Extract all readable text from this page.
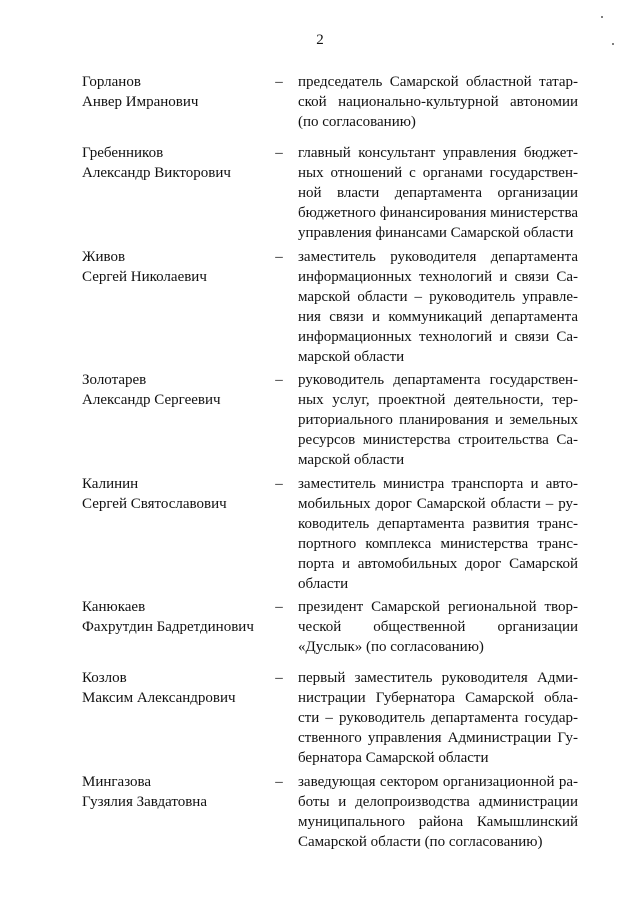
2
Горланов
Анвер Имранович
– председатель Самарской областной татар-
ской национально-культурной автономии
(по согласованию)
Гребенников
Александр Викторович
– главный консультант управления бюджет-
ных отношений с органами государствен-
ной власти департамента организации
бюджетного финансирования министерства
управления финансами Самарской области
Живов
Сергей Николаевич
– заместитель руководителя департамента
информационных технологий и связи Са-
марской области – руководитель управле-
ния связи и коммуникаций департамента
информационных технологий и связи Са-
марской области
Золотарев
Александр Сергеевич
– руководитель департамента государствен-
ных услуг, проектной деятельности, тер-
риториального планирования и земельных
ресурсов министерства строительства Са-
марской области
Калинин
Сергей Святославович
– заместитель министра транспорта и авто-
мобильных дорог Самарской области – ру-
ководитель департамента развития транс-
портного комплекса министерства транс-
порта и автомобильных дорог Самарской
области
Канюкаев
Фахрутдин Бадретдинович
– президент Самарской региональной твор-
ческой общественной организации
«Дуслык» (по согласованию)
Козлов
Максим Александрович
– первый заместитель руководителя Адми-
нистрации Губернатора Самарской обла-
сти – руководитель департамента государ-
ственного управления Администрации Гу-
бернатора Самарской области
Мингазова
Гузялия Завдатовна
– заведующая сектором организационной ра-
боты и делопроизводства администрации
муниципального района Камышлинский
Самарской области (по согласованию)
